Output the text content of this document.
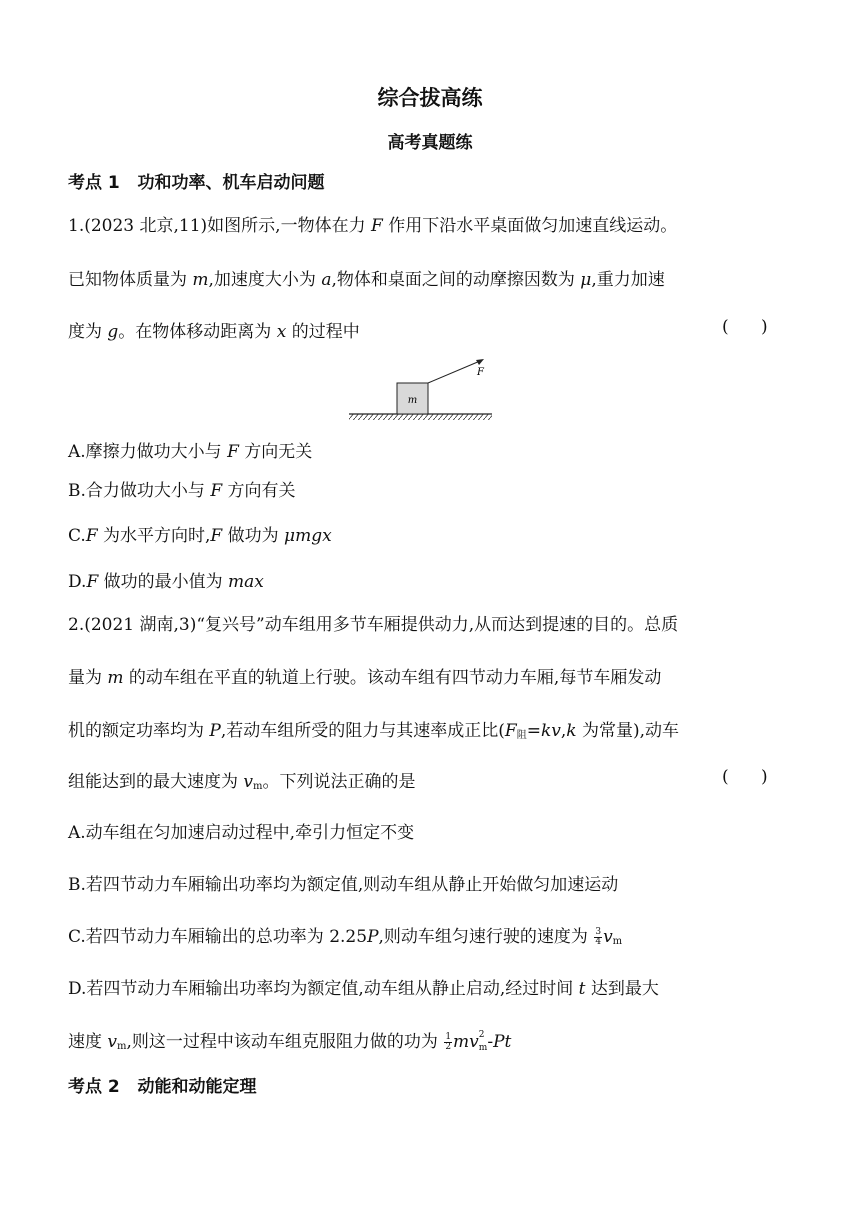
综合拔高练
高考真题练
考点 1 功和功率、机车启动问题
1.(2023 北京,11)如图所示,一物体在力 F 作用下沿水平桌面做匀加速直线运动。
已知物体质量为 m,加速度大小为 a,物体和桌面之间的动摩擦因数为 μ,重力加速
度为 g。在物体移动距离为 x 的过程中	(      )
m
F
A.摩擦力做功大小与 F 方向无关
B.合力做功大小与 F 方向有关
C.F 为水平方向时,F 做功为 μmgx
D.F 做功的最小值为 max
2.(2021 湖南,3)“复兴号”动车组用多节车厢提供动力,从而达到提速的目的。总质
量为 m 的动车组在平直的轨道上行驶。该动车组有四节动力车厢,每节车厢发动
机的额定功率均为 P,若动车组所受的阻力与其速率成正比($F_阻=kv,k$ 为常量),动车
组能达到的最大速度为 $v_m$。下列说法正确的是	(      )
A.动车组在匀加速启动过程中,牵引力恒定不变
B.若四节动力车厢输出功率均为额定值,则动车组从静止开始做匀加速运动
C.若四节动力车厢输出的总功率为 2.25P,则动车组匀速行驶的速度为 $\frac{3}{4} v_m$
D.若四节动力车厢输出功率均为额定值,动车组从静止启动,经过时间 t 达到最大
速度 $v_m$,则这一过程中该动车组克服阻力做的功为 $\frac{1}{2}$ mv 2
m-Pt
考点 2 动能和动能定理
